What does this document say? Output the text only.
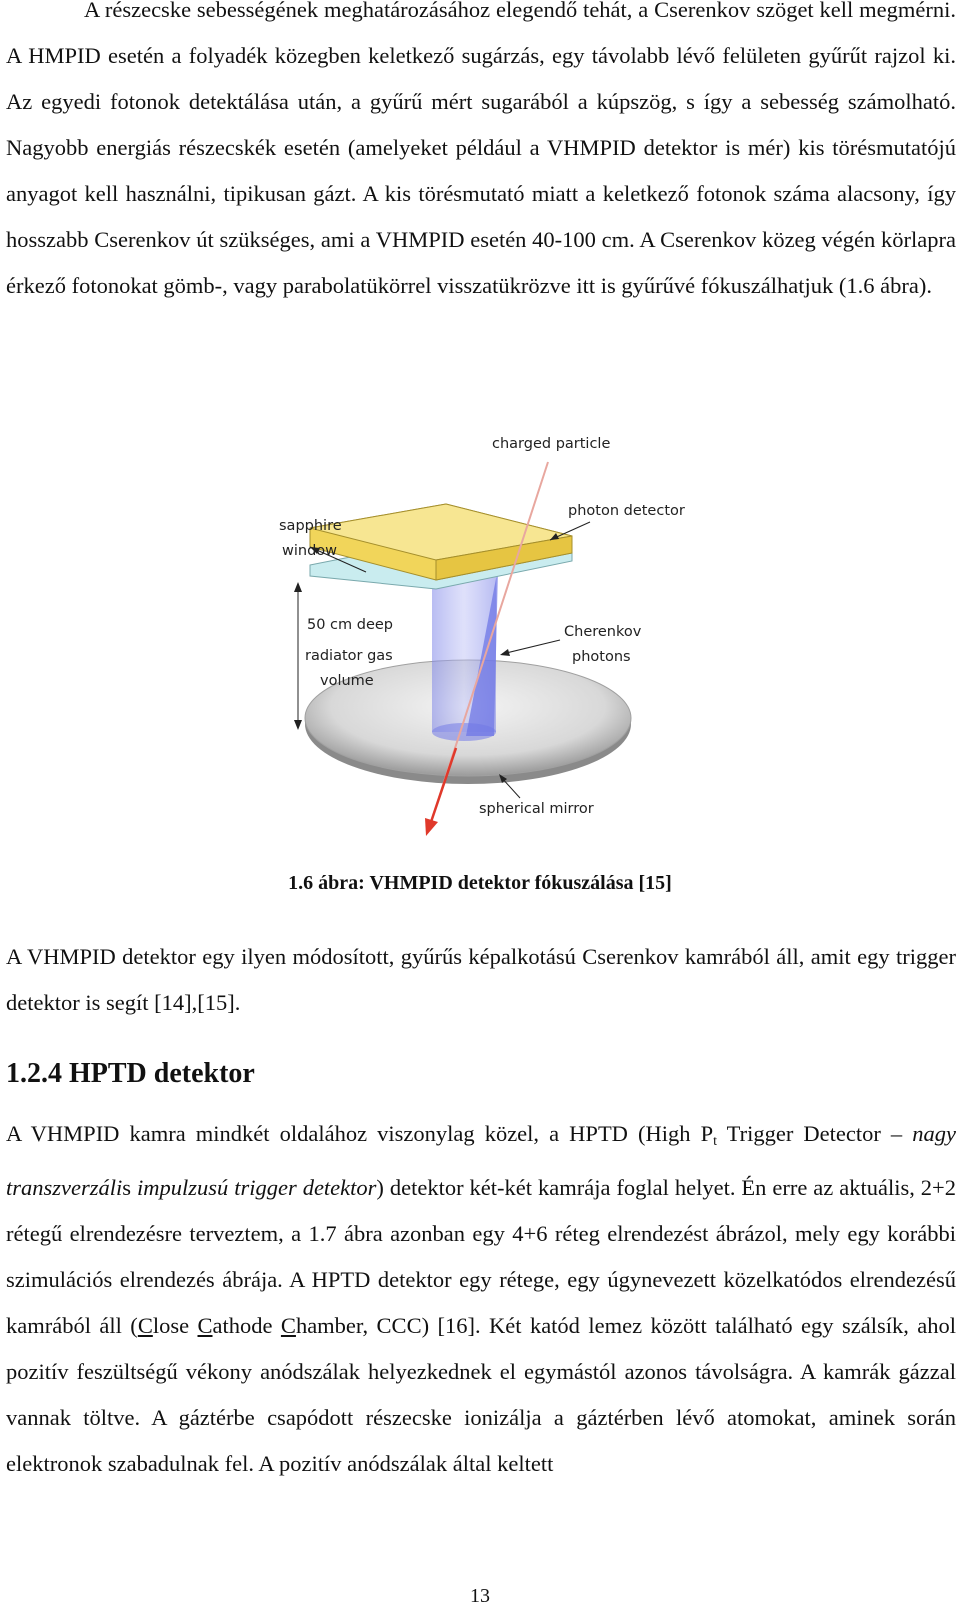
A részecske sebességének meghatározásához elegendő tehát, a Cserenkov szöget kell megmérni. A HMPID esetén a folyadék közegben keletkező sugárzás, egy távolabb lévő felületen gyűrűt rajzol ki. Az egyedi fotonok detektálása után, a gyűrű mért sugarából a kúpszög, s így a sebesség számolható. Nagyobb energiás részecskék esetén (amelyeket például a VHMPID detektor is mér) kis törésmutatójú anyagot kell használni, tipikusan gázt. A kis törésmutató miatt a keletkező fotonok száma alacsony, így hosszabb Cserenkov út szükséges, ami a VHMPID esetén 40-100 cm. A Cserenkov közeg végén körlapra érkező fotonokat gömb-, vagy parabolatükörrel visszatükrözve itt is gyűrűvé fókuszálhatjuk (1.6 ábra).

charged particle
photon detector
sapphire
window
50 cm deep
radiator gas
volume
Cherenkov
photons
spherical mirror

1.6 ábra: VHMPID detektor fókuszálása [15]

A VHMPID detektor egy ilyen módosított, gyűrűs képalkotású Cserenkov kamrából áll, amit egy trigger detektor is segít [14],[15].

1.2.4 HPTD detektor

A VHMPID kamra mindkét oldalához viszonylag közel, a HPTD (High $P_t$ Trigger Detector – nagy transzverzális impulzusú trigger detektor) detektor két-két kamrája foglal helyet. Én erre az aktuális, 2+2 rétegű elrendezésre terveztem, a 1.7 ábra azonban egy 4+6 réteg elrendezést ábrázol, mely egy korábbi szimulációs elrendezés ábrája. A HPTD detektor egy rétege, egy úgynevezett közelkatódos elrendezésű kamrából áll (Close Cathode Chamber, CCC) [16]. Két katód lemez között található egy szálsík, ahol pozitív feszültségű vékony anódszálak helyezkednek el egymástól azonos távolságra. A kamrák gázzal vannak töltve. A gáztérbe csapódott részecske ionizálja a gáztérben lévő atomokat, aminek során elektronok szabadulnak fel. A pozitív anódszálak által keltett

13
